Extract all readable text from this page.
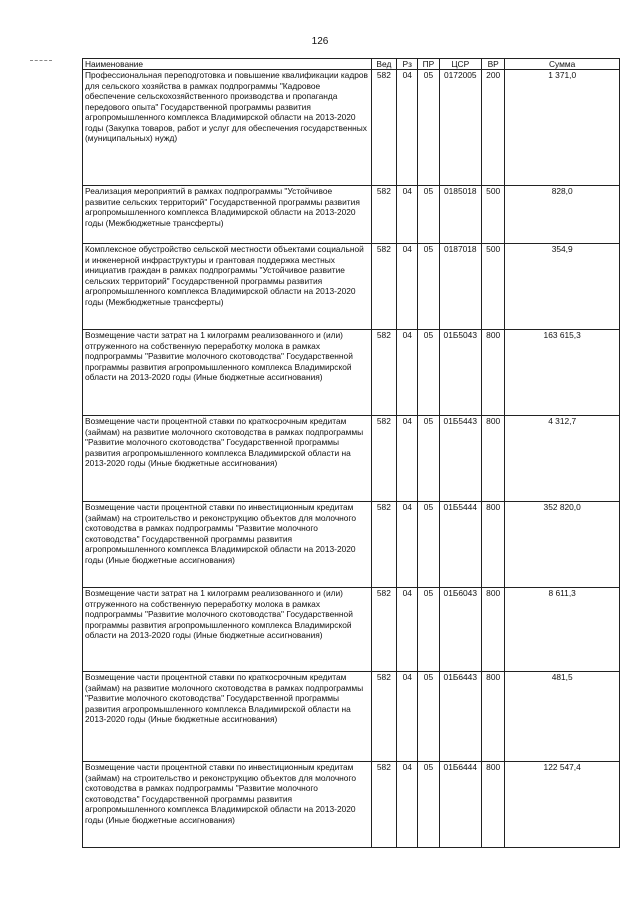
126
Наименование	Вед	Рз	ПР	ЦСР	ВР	Сумма
Профессиональная переподготовка и повышение квалификации кадров для сельского хозяйства в рамках подпрограммы "Кадровое обеспечение сельскохозяйственного производства и пропаганда передового опыта" Государственной программы развития агропромышленного комплекса Владимирской области на 2013-2020 годы (Закупка товаров, работ и услуг для обеспечения государственных (муниципальных) нужд)	582	04	05	0172005	200	1 371,0
Реализация мероприятий в рамках подпрограммы "Устойчивое развитие сельских территорий" Государственной программы развития агропромышленного комплекса Владимирской области на 2013-2020 годы (Межбюджетные трансферты)	582	04	05	0185018	500	828,0
Комплексное обустройство сельской местности объектами социальной и инженерной инфраструктуры и грантовая поддержка местных инициатив граждан в рамках подпрограммы "Устойчивое развитие сельских территорий" Государственной программы развития агропромышленного комплекса Владимирской области на 2013-2020 годы (Межбюджетные трансферты)	582	04	05	0187018	500	354,9
Возмещение части затрат на 1 килограмм реализованного и (или) отгруженного на собственную переработку молока в рамках подпрограммы "Развитие молочного скотоводства" Государственной программы развития агропромышленного комплекса Владимирской области на 2013-2020 годы (Иные бюджетные ассигнования)	582	04	05	01Б5043	800	163 615,3
Возмещение части процентной ставки по краткосрочным кредитам (займам) на развитие молочного скотоводства в рамках подпрограммы "Развитие молочного скотоводства" Государственной программы развития агропромышленного комплекса Владимирской области на 2013-2020 годы (Иные бюджетные ассигнования)	582	04	05	01Б5443	800	4 312,7
Возмещение части процентной ставки по инвестиционным кредитам (займам) на строительство и реконструкцию объектов для молочного скотоводства в рамках подпрограммы "Развитие молочного скотоводства" Государственной программы развития агропромышленного комплекса Владимирской области на 2013-2020 годы (Иные бюджетные ассигнования)	582	04	05	01Б5444	800	352 820,0
Возмещение части затрат на 1 килограмм реализованного и (или) отгруженного на собственную переработку молока в рамках подпрограммы "Развитие молочного скотоводства" Государственной программы развития агропромышленного комплекса Владимирской области на 2013-2020 годы (Иные бюджетные ассигнования)	582	04	05	01Б6043	800	8 611,3
Возмещение части процентной ставки по краткосрочным кредитам (займам) на развитие молочного скотоводства в рамках подпрограммы "Развитие молочного скотоводства" Государственной программы развития агропромышленного комплекса Владимирской области на 2013-2020 годы (Иные бюджетные ассигнования)	582	04	05	01Б6443	800	481,5
Возмещение части процентной ставки по инвестиционным кредитам (займам) на строительство и реконструкцию объектов для молочного скотоводства в рамках подпрограммы "Развитие молочного скотоводства" Государственной программы развития агропромышленного комплекса Владимирской области на 2013-2020 годы (Иные бюджетные ассигнования)	582	04	05	01Б6444	800	122 547,4
